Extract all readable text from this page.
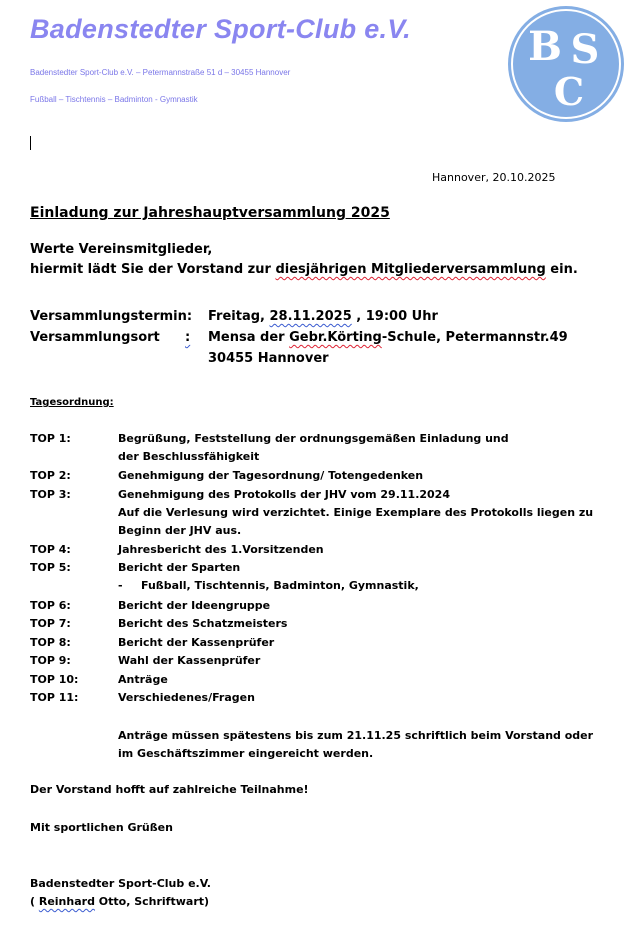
Badenstedter Sport-Club e.V.
Badenstedter Sport-Club e.V. – Petermannstraße 51 d – 30455 Hannover
Fußball – Tischtennis – Badminton - Gymnastik
B S
C
Hannover, 20.10.2025
Einladung zur Jahreshauptversammlung 2025
Werte Vereinsmitglieder,
hiermit lädt Sie der Vorstand zur diesjährigen Mitgliederversammlung ein.
Versammlungstermin: Freitag, 28.11.2025 , 19:00 Uhr
Versammlungsort : Mensa der Gebr.Körting-Schule, Petermannstr.49
30455 Hannover
Tagesordnung:
TOP 1:	Begrüßung, Feststellung der ordnungsgemäßen Einladung und
der Beschlussfähigkeit
TOP 2:	Genehmigung der Tagesordnung/ Totengedenken
TOP 3:	Genehmigung des Protokolls der JHV vom 29.11.2024
Auf die Verlesung wird verzichtet. Einige Exemplare des Protokolls liegen zu
Beginn der JHV aus.
TOP 4:	Jahresbericht des 1.Vorsitzenden
TOP 5:	Bericht der Sparten
- Fußball, Tischtennis, Badminton, Gymnastik,
TOP 6:	Bericht der Ideengruppe
TOP 7:	Bericht des Schatzmeisters
TOP 8:	Bericht der Kassenprüfer
TOP 9:	Wahl der Kassenprüfer
TOP 10:	Anträge
TOP 11:	Verschiedenes/Fragen
Anträge müssen spätestens bis zum 21.11.25 schriftlich beim Vorstand oder
im Geschäftszimmer eingereicht werden.
Der Vorstand hofft auf zahlreiche Teilnahme!
Mit sportlichen Grüßen
Badenstedter Sport-Club e.V.
( Reinhard Otto, Schriftwart)
